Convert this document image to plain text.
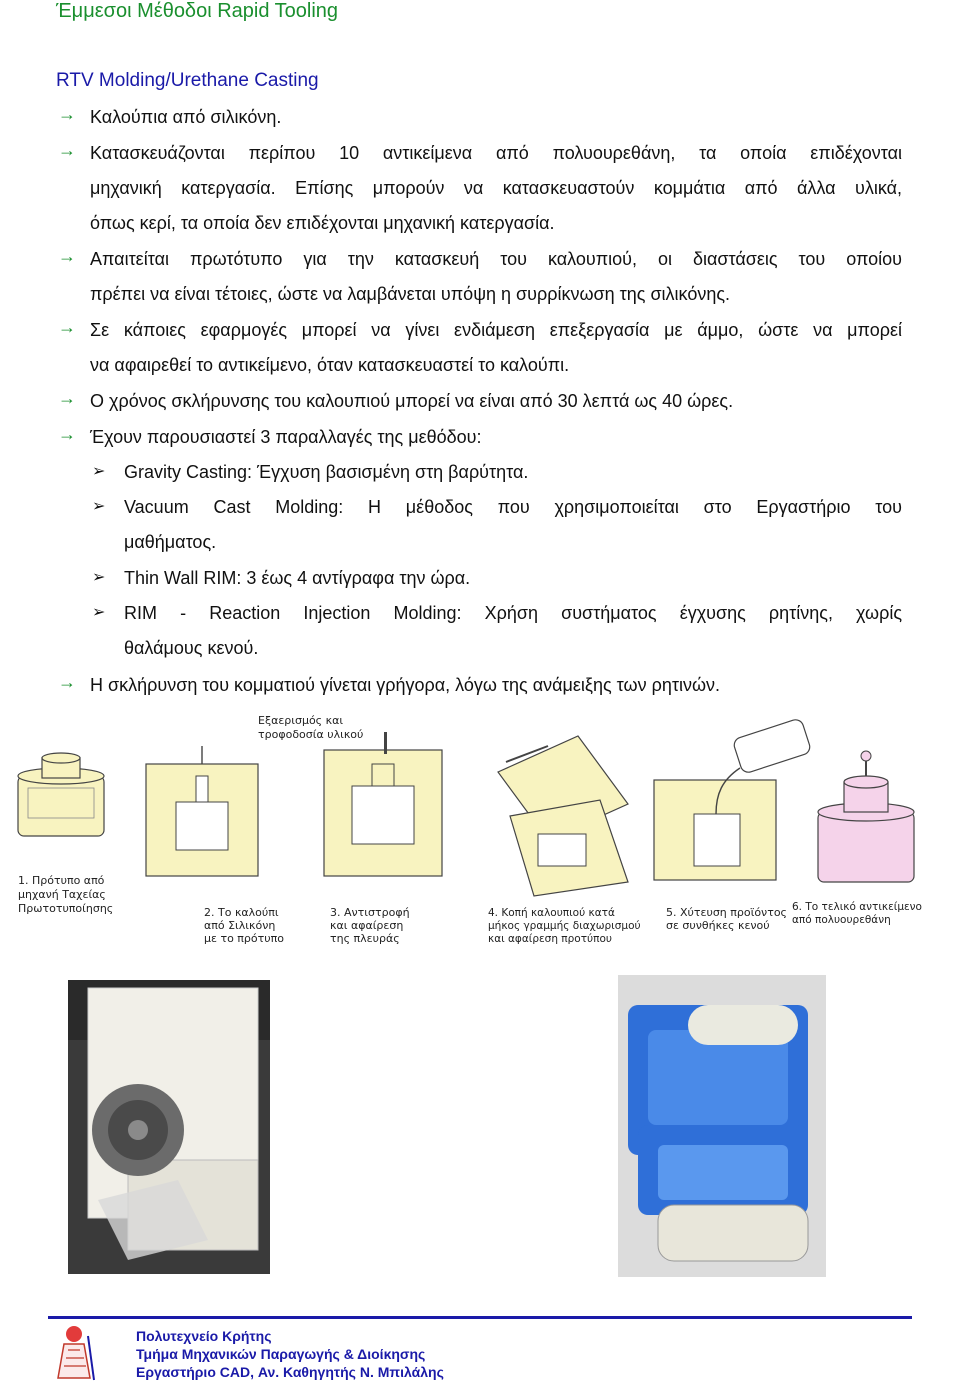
Έμμεσοι Μέθοδοι Rapid Tooling
RTV Molding/Urethane Casting
→ Καλούπια από σιλικόνη.
→ Κατασκευάζονται περίπου 10 αντικείμενα από πολυουρεθάνη, τα οποία επιδέχονται
μηχανική κατεργασία. Επίσης μπορούν να κατασκευαστούν κομμάτια από άλλα υλικά,
όπως κερί, τα οποία δεν επιδέχονται μηχανική κατεργασία.
→ Απαιτείται πρωτότυπο για την κατασκευή του καλουπιού, οι διαστάσεις του οποίου
πρέπει να είναι τέτοιες, ώστε να λαμβάνεται υπόψη η συρρίκνωση της σιλικόνης.
→ Σε κάποιες εφαρμογές μπορεί να γίνει ενδιάμεση επεξεργασία με άμμο, ώστε να μπορεί
να αφαιρεθεί το αντικείμενο, όταν κατασκευαστεί το καλούπι.
→ Ο χρόνος σκλήρυνσης του καλουπιού μπορεί να είναι από 30 λεπτά ως 40 ώρες.
→ Έχουν παρουσιαστεί 3 παραλλαγές της μεθόδου:
➢ Gravity Casting: Έγχυση βασισμένη στη βαρύτητα.
➢ Vacuum Cast Molding: Η μέθοδος που χρησιμοποιείται στο Εργαστήριο του
μαθήματος.
➢ Thin Wall RIM: 3 έως 4 αντίγραφα την ώρα.
➢ RIM - Reaction Injection Molding: Χρήση συστήματος έγχυσης ρητίνης, χωρίς
θαλάμους κενού.
→ Η σκλήρυνση του κομματιού γίνεται γρήγορα, λόγω της ανάμειξης των ρητινών.
Εξαερισμός και
τροφοδοσία υλικού
1. Πρότυπο από
μηχανή Ταχείας
Πρωτοτυποίησης	2. Το καλούπι
από Σιλικόνη
με το πρότυπο
3. Αντιστροφή
και αφαίρεση
της πλευράς
4. Κοπή καλουπιού κατά
μήκος γραμμής διαχωρισμού
και αφαίρεση προτύπου
5. Χύτευση προϊόντος
σε συνθήκες κενού
6. Το τελικό αντικείμενο
από πολυουρεθάνη
Πολυτεχνείο Κρήτης
Τμήμα Μηχανικών Παραγωγής & Διοίκησης
Εργαστήριο CAD, Αν. Καθηγητής Ν. Μπιλάλης
